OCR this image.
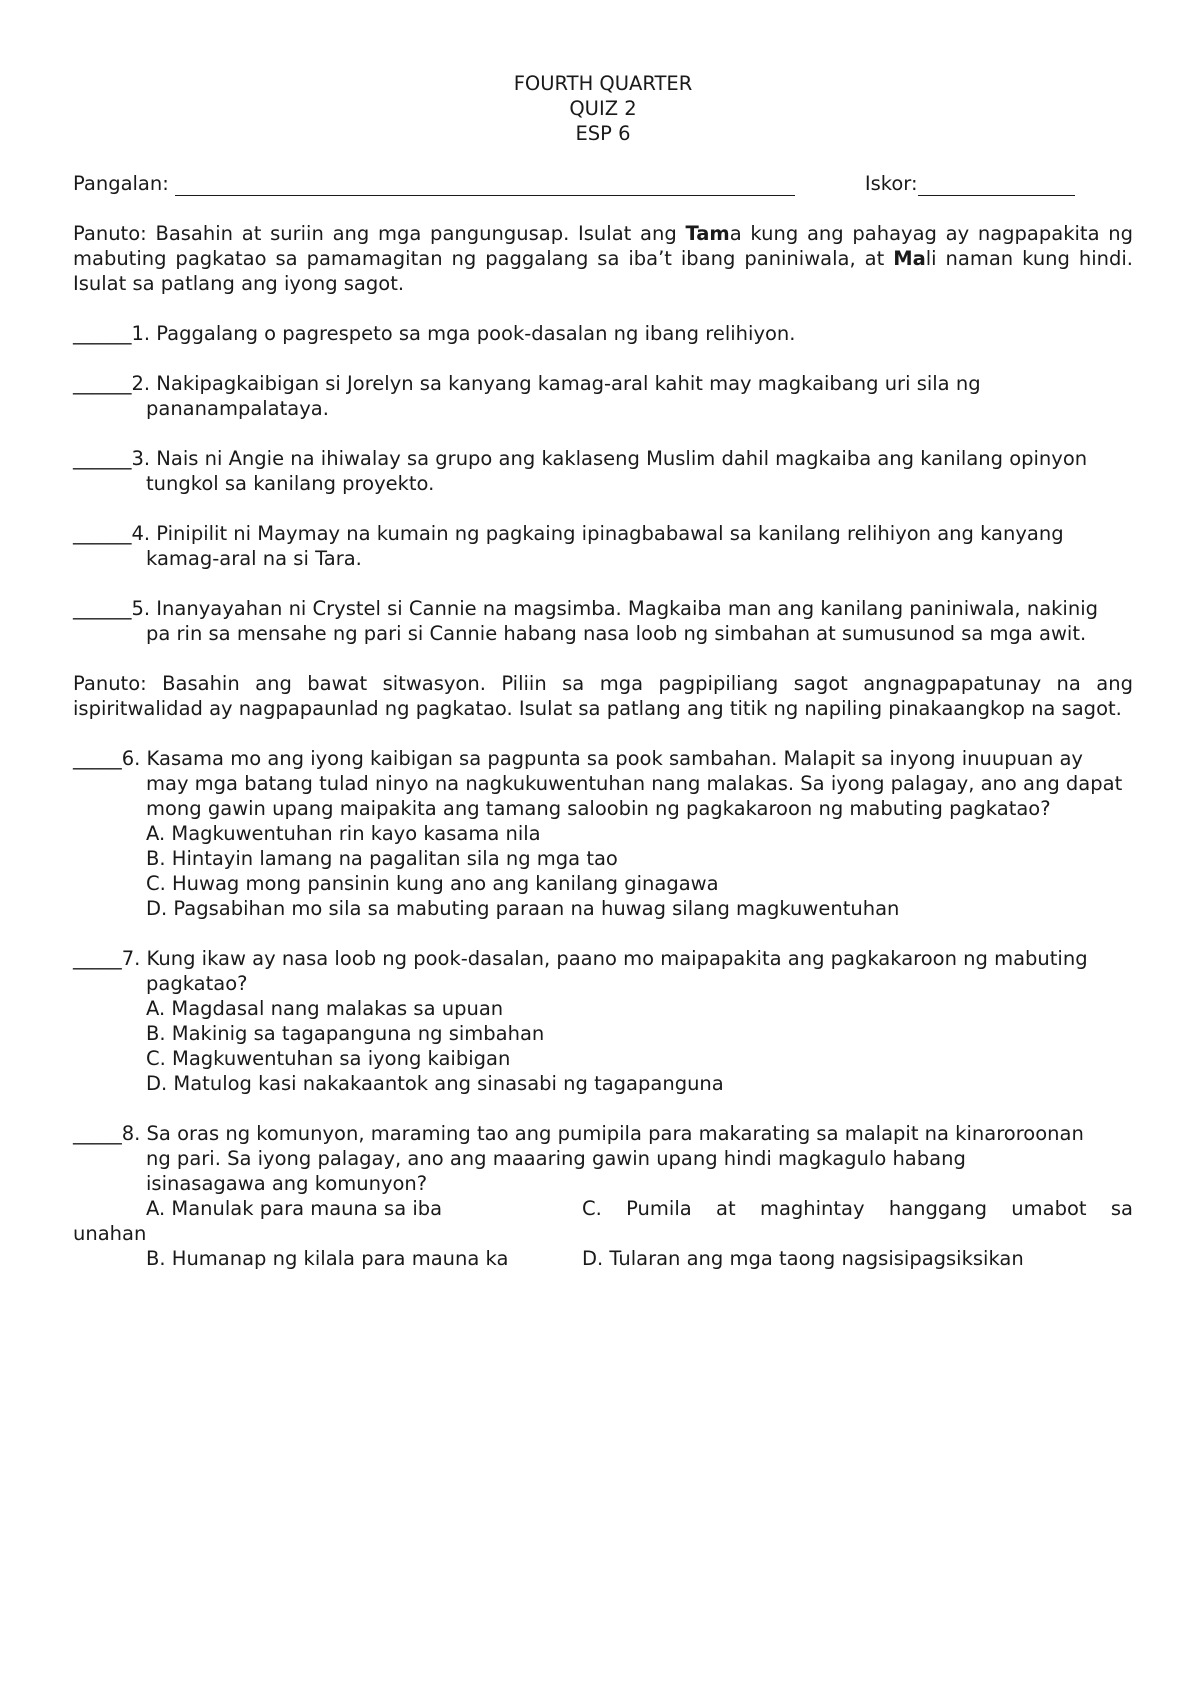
FOURTH QUARTER
QUIZ 2
ESP 6
Pangalan:	Iskor:
Panuto: Basahin at suriin ang mga pangungusap. Isulat ang Tama kung ang pahayag ay nagpapakita ng mabuting pagkatao sa pamamagitan ng paggalang sa iba’t ibang paniniwala, at Mali naman kung hindi. Isulat sa patlang ang iyong sagot.
______1. Paggalang o pagrespeto sa mga pook-dasalan ng ibang relihiyon.
______2. Nakipagkaibigan si Jorelyn sa kanyang kamag-aral kahit may magkaibang uri sila ng
pananampalataya.
______3. Nais ni Angie na ihiwalay sa grupo ang kaklaseng Muslim dahil magkaiba ang kanilang opinyon
tungkol sa kanilang proyekto.
______4. Pinipilit ni Maymay na kumain ng pagkaing ipinagbabawal sa kanilang relihiyon ang kanyang
kamag-aral na si Tara.
______5. Inanyayahan ni Crystel si Cannie na magsimba. Magkaiba man ang kanilang paniniwala, nakinig
pa rin sa mensahe ng pari si Cannie habang nasa loob ng simbahan at sumusunod sa mga awit.
Panuto: Basahin ang bawat sitwasyon. Piliin sa mga pagpipiliang sagot angnagpapatunay na ang ispiritwalidad ay nagpapaunlad ng pagkatao. Isulat sa patlang ang titik ng napiling pinakaangkop na sagot.
_____6. Kasama mo ang iyong kaibigan sa pagpunta sa pook sambahan. Malapit sa inyong inuupuan ay
may mga batang tulad ninyo na nagkukuwentuhan nang malakas. Sa iyong palagay, ano ang dapat
mong gawin upang maipakita ang tamang saloobin ng pagkakaroon ng mabuting pagkatao?
A. Magkuwentuhan rin kayo kasama nila
B. Hintayin lamang na pagalitan sila ng mga tao
C. Huwag mong pansinin kung ano ang kanilang ginagawa
D. Pagsabihan mo sila sa mabuting paraan na huwag silang magkuwentuhan
_____7. Kung ikaw ay nasa loob ng pook-dasalan, paano mo maipapakita ang pagkakaroon ng mabuting
pagkatao?
A. Magdasal nang malakas sa upuan
B. Makinig sa tagapanguna ng simbahan
C. Magkuwentuhan sa iyong kaibigan
D. Matulog kasi nakakaantok ang sinasabi ng tagapanguna
_____8. Sa oras ng komunyon, maraming tao ang pumipila para makarating sa malapit na kinaroroonan
ng pari. Sa iyong palagay, ano ang maaaring gawin upang hindi magkagulo habang
isinasagawa ang komunyon?
A. Manulak para mauna sa iba	C. Pumila at maghintay hanggang umabot sa
unahan
B. Humanap ng kilala para mauna ka	D. Tularan ang mga taong nagsisipagsiksikan
